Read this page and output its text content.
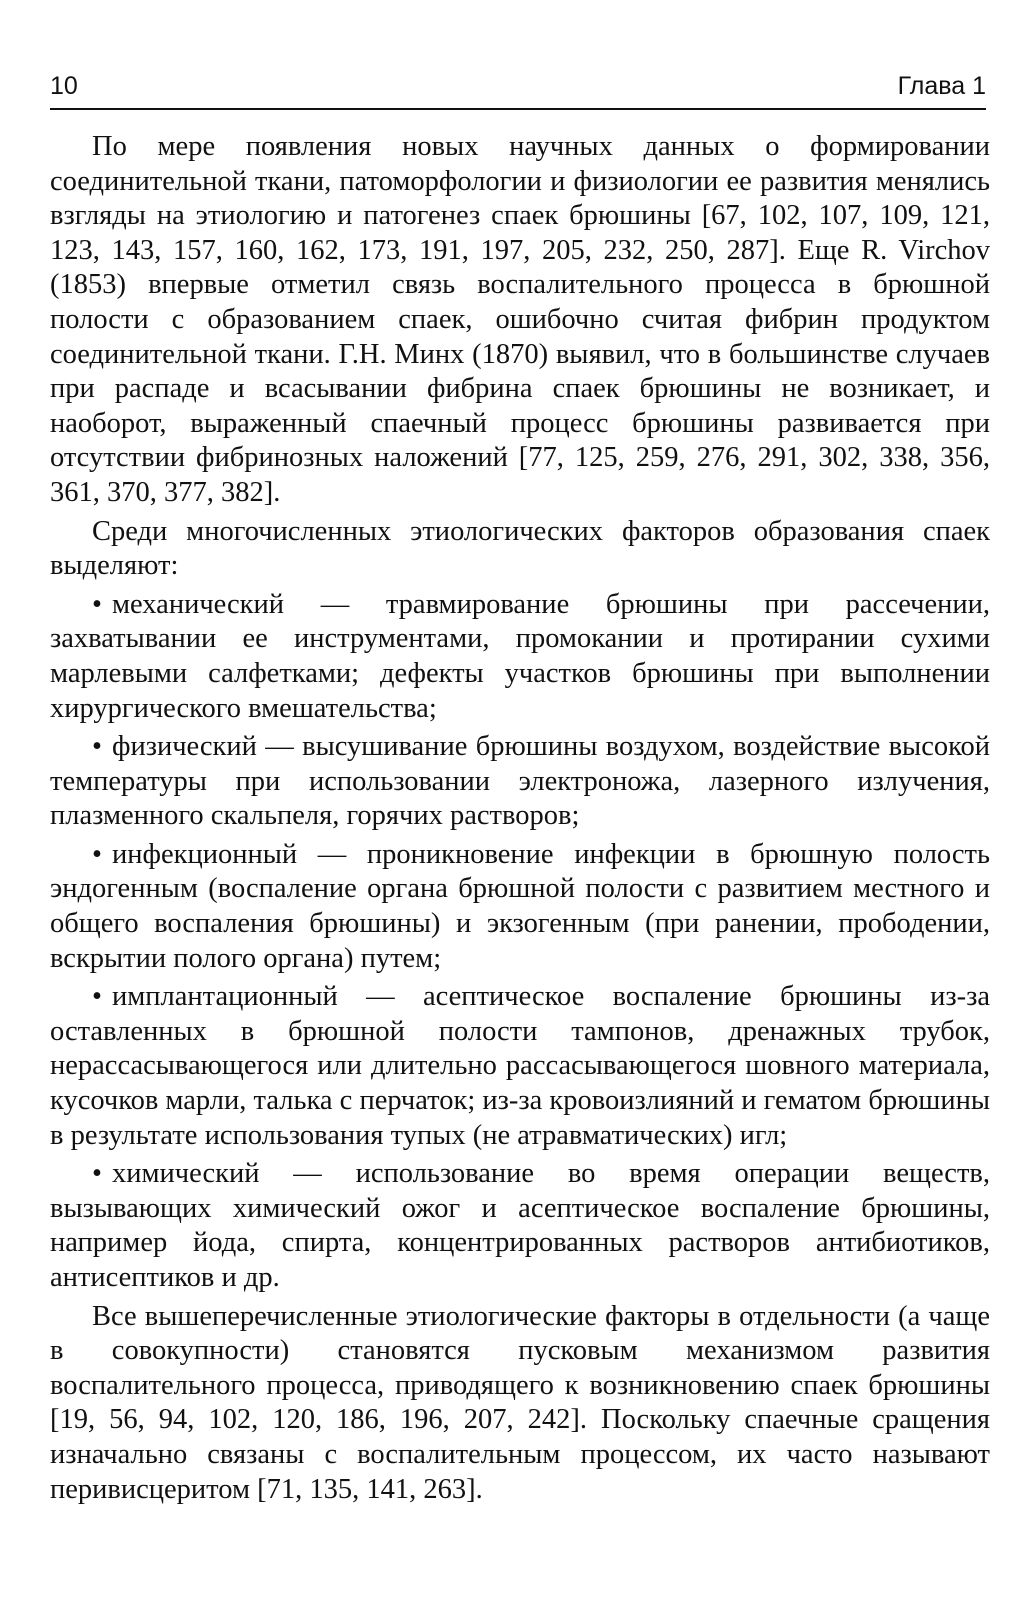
10	Глава 1

По мере появления новых научных данных о формировании соединительной ткани, патоморфологии и физиологии ее развития менялись взгляды на этиологию и патогенез спаек брюшины [67, 102, 107, 109, 121, 123, 143, 157, 160, 162, 173, 191, 197, 205, 232, 250, 287]. Еще R. Virchov (1853) впервые отметил связь воспалительного процесса в брюшной полости с образованием спаек, ошибочно считая фибрин продуктом соединительной ткани. Г.Н. Минх (1870) выявил, что в большинстве случаев при распаде и всасывании фибрина спаек брюшины не возникает, и наоборот, выраженный спаечный процесс брюшины развивается при отсутствии фибринозных наложений [77, 125, 259, 276, 291, 302, 338, 356, 361, 370, 377, 382].

Среди многочисленных этиологических факторов образования спаек выделяют:

• механический — травмирование брюшины при рассечении, захватывании ее инструментами, промокании и протирании сухими марлевыми салфетками; дефекты участков брюшины при выполнении хирургического вмешательства;

• физический — высушивание брюшины воздухом, воздействие высокой температуры при использовании электроножа, лазерного излучения, плазменного скальпеля, горячих растворов;

• инфекционный — проникновение инфекции в брюшную полость эндогенным (воспаление органа брюшной полости с развитием местного и общего воспаления брюшины) и экзогенным (при ранении, прободении, вскрытии полого органа) путем;

• имплантационный — асептическое воспаление брюшины из-за оставленных в брюшной полости тампонов, дренажных трубок, нерассасывающегося или длительно рассасывающегося шовного материала, кусочков марли, талька с перчаток; из-за кровоизлияний и гематом брюшины в результате использования тупых (не атравматических) игл;

• химический — использование во время операции веществ, вызывающих химический ожог и асептическое воспаление брюшины, например йода, спирта, концентрированных растворов антибиотиков, антисептиков и др.

Все вышеперечисленные этиологические факторы в отдельности (а чаще в совокупности) становятся пусковым механизмом развития воспалительного процесса, приводящего к возникновению спаек брюшины [19, 56, 94, 102, 120, 186, 196, 207, 242]. Поскольку спаечные сращения изначально связаны с воспалительным процессом, их часто называют перивисцеритом [71, 135, 141, 263].
